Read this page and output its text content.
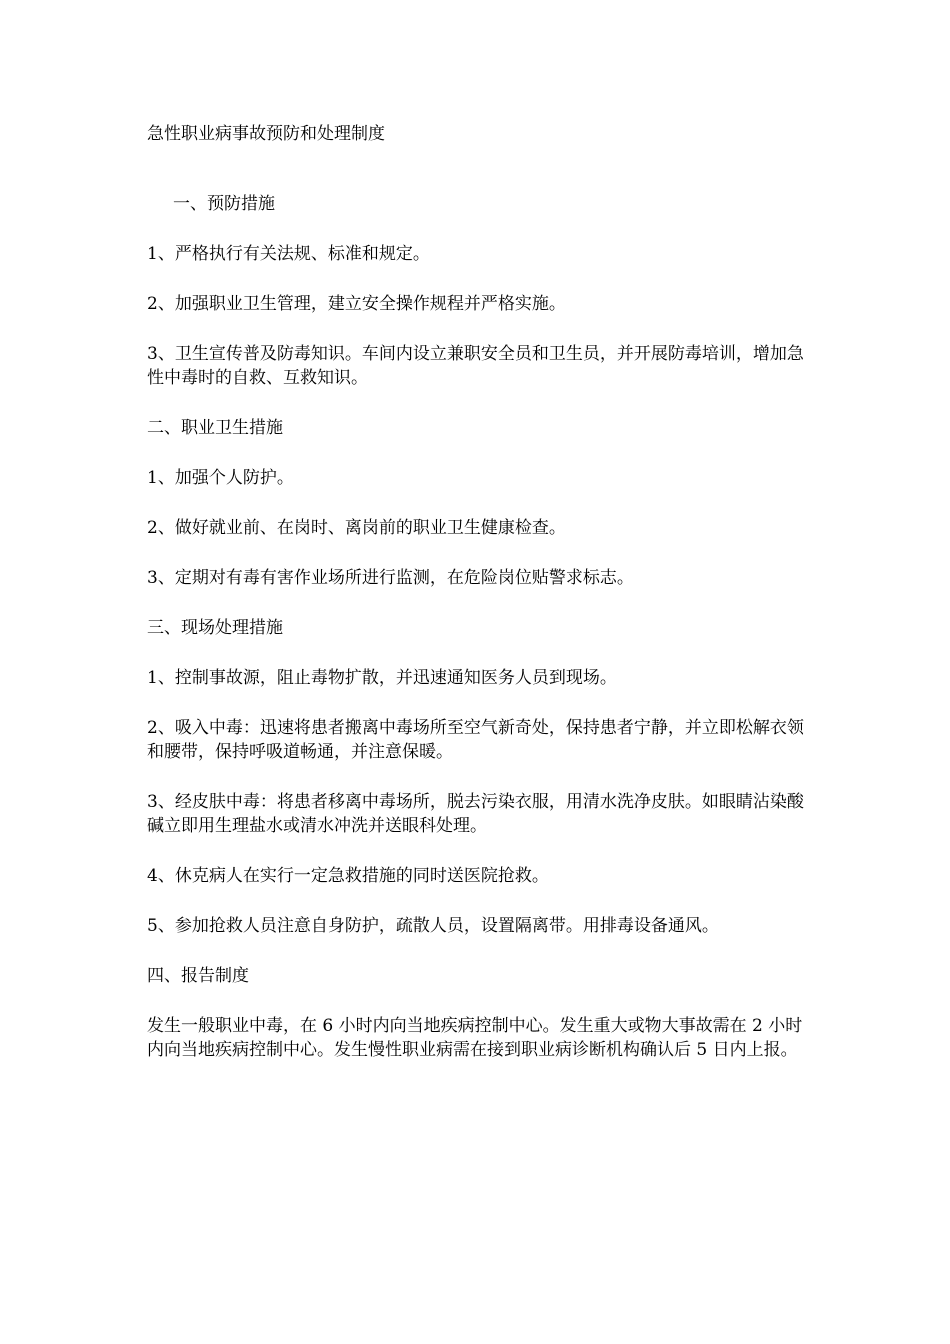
急性职业病事故预防和处理制度

一、预防措施

1、严格执行有关法规、标准和规定。

2、加强职业卫生管理，建立安全操作规程并严格实施。

3、卫生宣传普及防毒知识。车间内设立兼职安全员和卫生员，并开展防毒培训，增加急性中毒时的自救、互救知识。

二、职业卫生措施

1、加强个人防护。

2、做好就业前、在岗时、离岗前的职业卫生健康检查。

3、定期对有毒有害作业场所进行监测，在危险岗位贴警求标志。

三、现场处理措施

1、控制事故源，阻止毒物扩散，并迅速通知医务人员到现场。

2、吸入中毒：迅速将患者搬离中毒场所至空气新奇处，保持患者宁静，并立即松解衣领和腰带，保持呼吸道畅通，并注意保暖。

3、经皮肤中毒：将患者移离中毒场所，脱去污染衣服，用清水洗净皮肤。如眼睛沾染酸碱立即用生理盐水或清水冲洗并送眼科处理。

4、休克病人在实行一定急救措施的同时送医院抢救。

5、参加抢救人员注意自身防护，疏散人员，设置隔离带。用排毒设备通风。

四、报告制度

发生一般职业中毒，在 6 小时内向当地疾病控制中心。发生重大或物大事故需在 2 小时内向当地疾病控制中心。发生慢性职业病需在接到职业病诊断机构确认后 5 日内上报。
